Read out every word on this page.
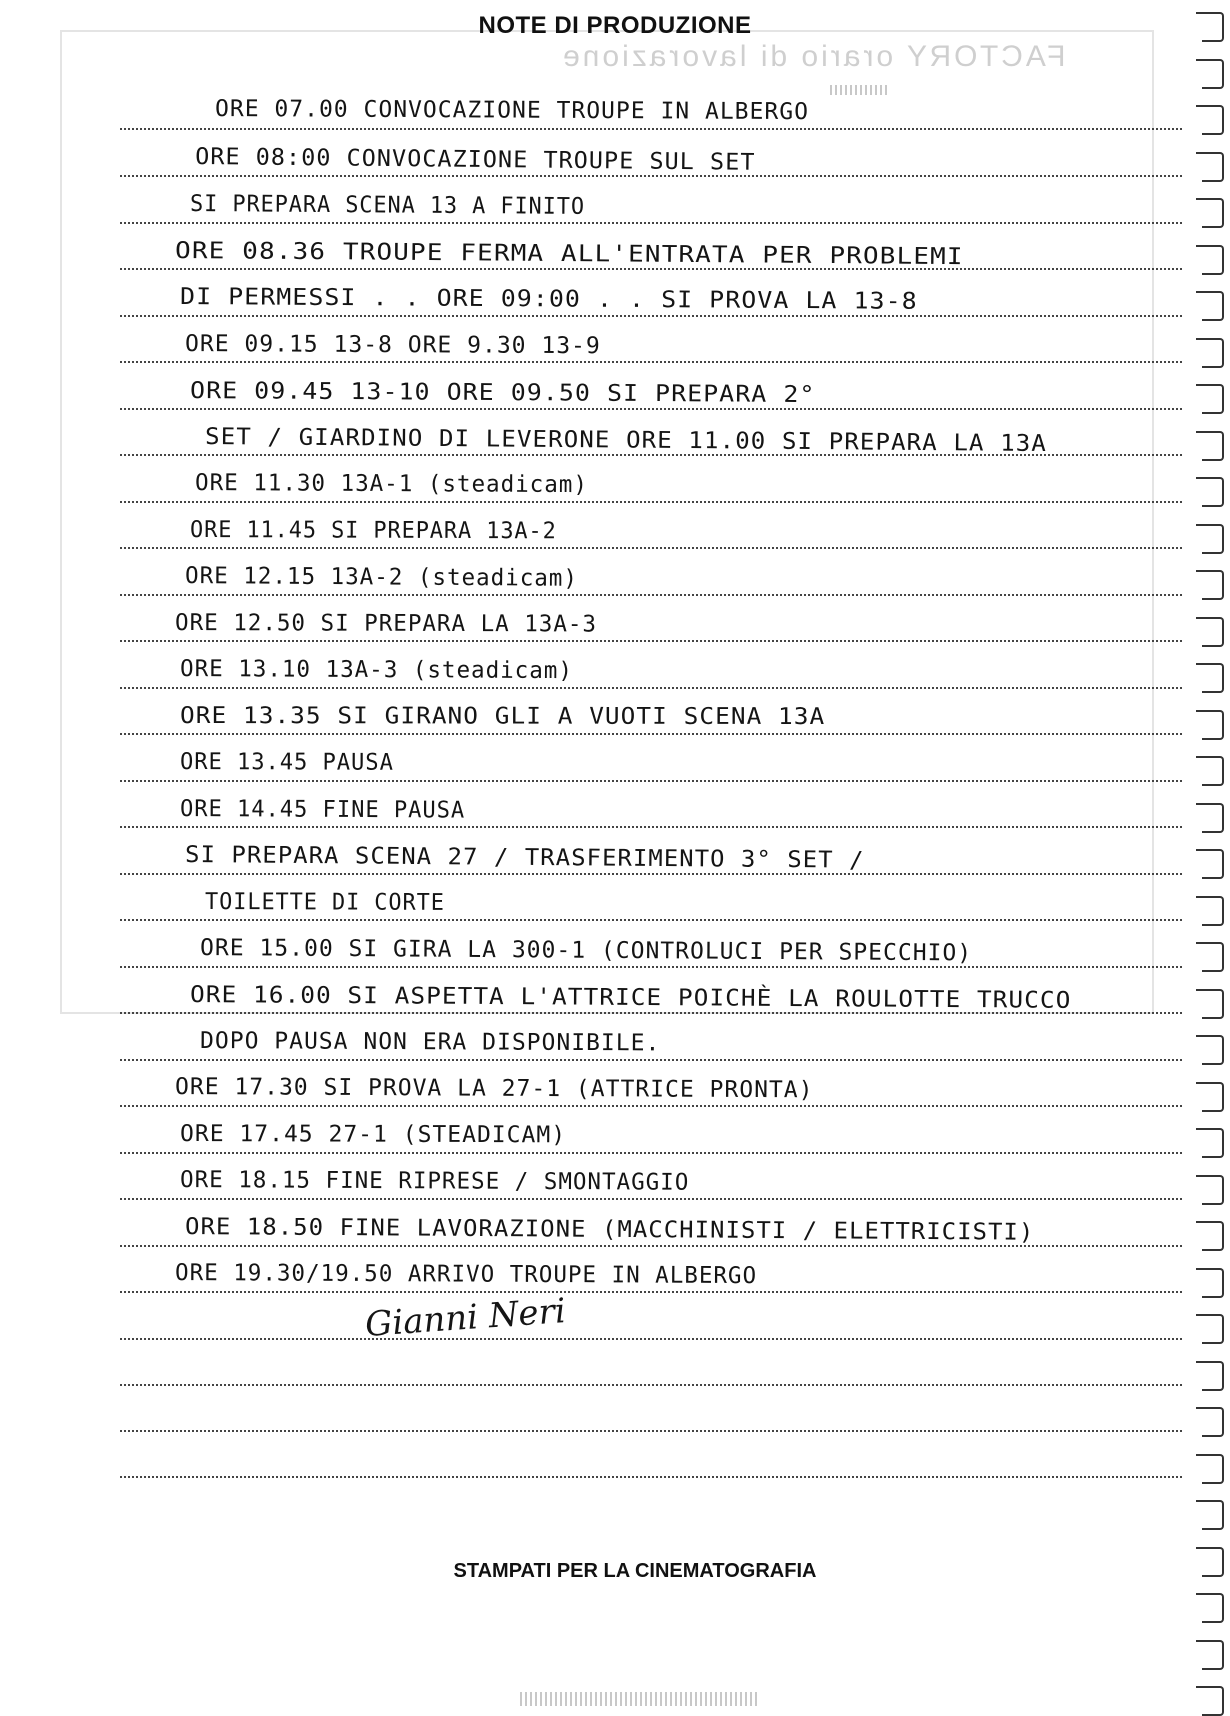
FACTORY orario di lavorazione
NOTE DI PRODUZIONE
ORE 07.00 CONVOCAZIONE TROUPE IN ALBERGO
ORE 08:00 CONVOCAZIONE TROUPE SUL SET
SI PREPARA SCENA 13 A FINITO
ORE 08.36 TROUPE FERMA ALL'ENTRATA PER PROBLEMI
DI PERMESSI . . ORE 09:00 . . SI PROVA LA 13-8
ORE 09.15 13-8 ORE 9.30 13-9
ORE 09.45 13-10 ORE 09.50 SI PREPARA 2°
SET / GIARDINO DI LEVERONE ORE 11.00 SI PREPARA LA 13A
ORE 11.30 13A-1 (steadicam)
ORE 11.45 SI PREPARA 13A-2
ORE 12.15 13A-2 (steadicam)
ORE 12.50 SI PREPARA LA 13A-3
ORE 13.10 13A-3 (steadicam)
ORE 13.35 SI GIRANO GLI A VUOTI SCENA 13A
ORE 13.45 PAUSA
ORE 14.45 FINE PAUSA
SI PREPARA SCENA 27 / TRASFERIMENTO 3° SET /
TOILETTE DI CORTE
ORE 15.00 SI GIRA LA 300-1 (CONTROLUCI PER SPECCHIO)
ORE 16.00 SI ASPETTA L'ATTRICE POICHÈ LA ROULOTTE TRUCCO
DOPO PAUSA NON ERA DISPONIBILE.
ORE 17.30 SI PROVA LA 27-1 (ATTRICE PRONTA)
ORE 17.45 27-1 (STEADICAM)
ORE 18.15 FINE RIPRESE / SMONTAGGIO
ORE 18.50 FINE LAVORAZIONE (MACCHINISTI / ELETTRICISTI)
ORE 19.30/19.50 ARRIVO TROUPE IN ALBERGO
Gianni Neri
STAMPATI PER LA CINEMATOGRAFIA
